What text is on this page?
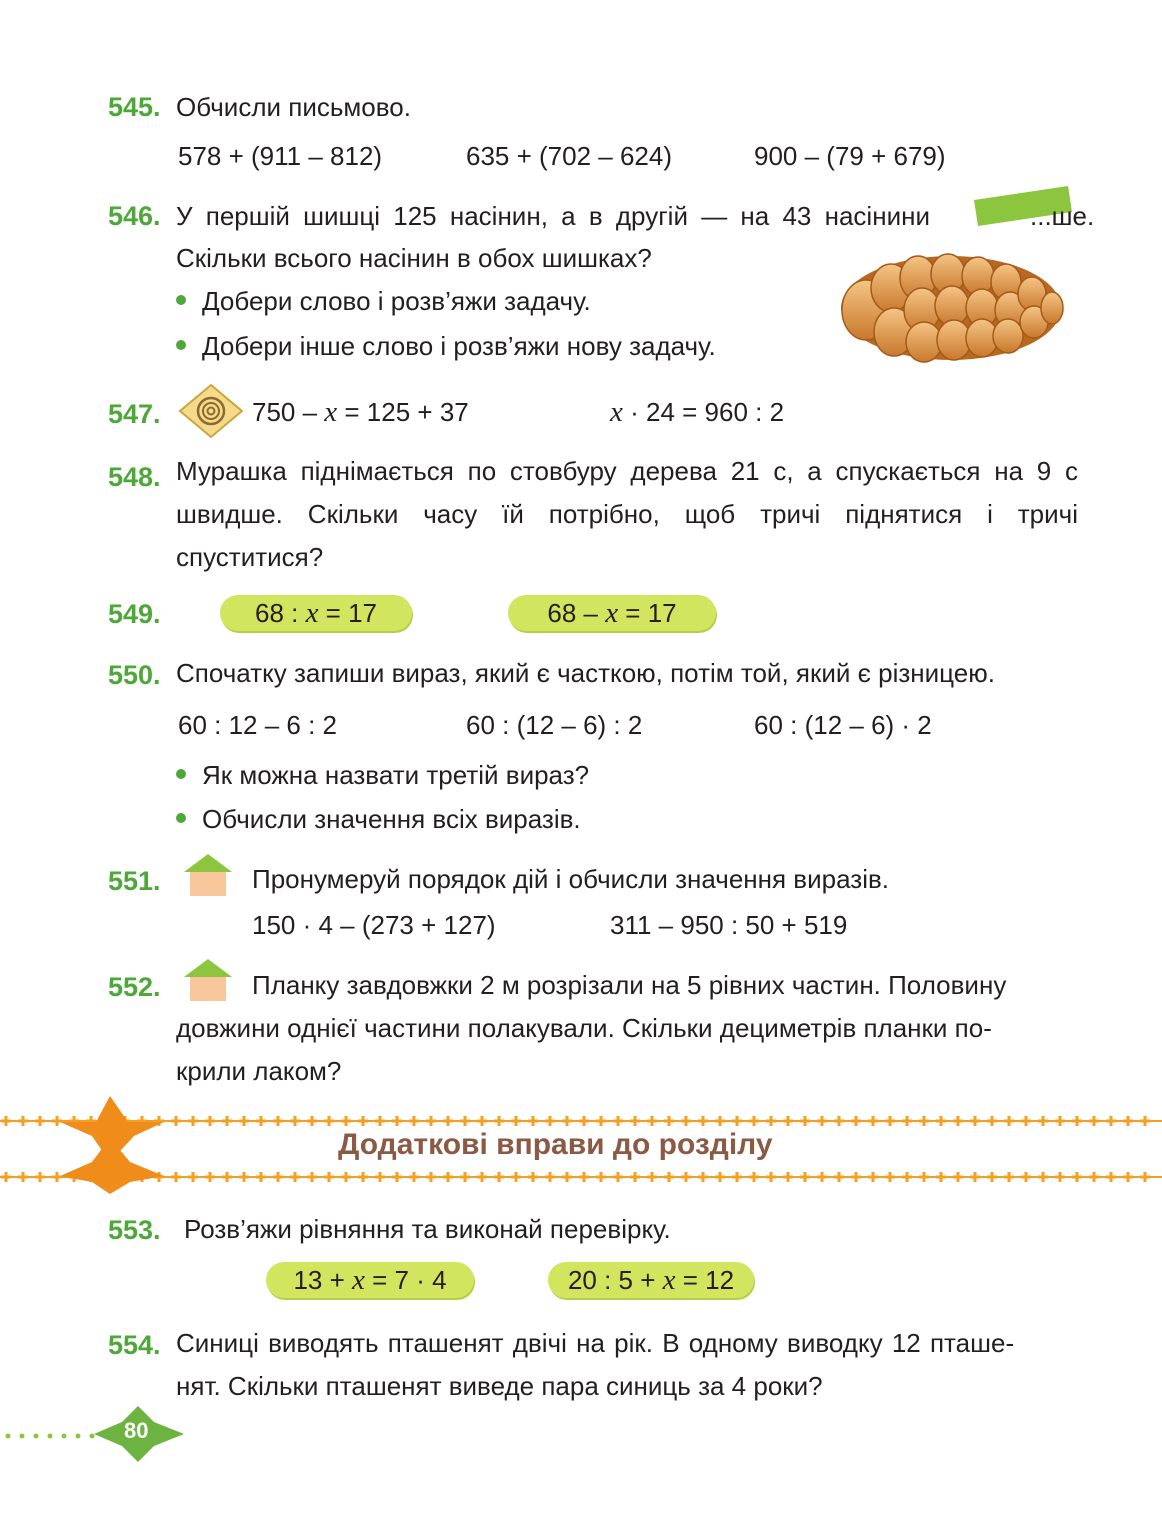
545. Обчисли письмово.
578 + (911 – 812)	635 + (702 – 624)	900 – (79 + 679)
546. У першій шишці 125 насінин, а в другій — на 43 насінини	...ше.
Скільки всього насінин в обох шишках?
Добери слово і розв’яжи задачу.
Добери інше слово і розв’яжи нову задачу.
547.	750 – x = 125 + 37	x · 24 = 960 : 2
548. Мурашка піднімається по стовбуру дерева 21 с, а спускається на 9 с швидше. Скільки часу їй потрібно, щоб тричі піднятися і тричі спуститися?
549.	68 : x = 17	68 – x = 17
550. Спочатку запиши вираз, який є часткою, потім той, який є різницею.
60 : 12 – 6 : 2	60 : (12 – 6) : 2	60 : (12 – 6) · 2
Як можна назвати третій вираз?
Обчисли значення всіх виразів.
551.	Пронумеруй порядок дій і обчисли значення виразів.
150 · 4 – (273 + 127)	311 – 950 : 50 + 519
552.	Планку завдовжки 2 м розрізали на 5 рівних частин. Половину
довжини однієї частини полакували. Скільки дециметрів планки по-
крили лаком?
Додаткові вправи до розділу
553. Розв’яжи рівняння та виконай перевірку.
13 + x = 7 · 4	20 : 5 + x = 12
554. Синиці виводять пташенят двічі на рік. В одному виводку 12 пташе-
нят. Скільки пташенят виведе пара синиць за 4 роки?
80
